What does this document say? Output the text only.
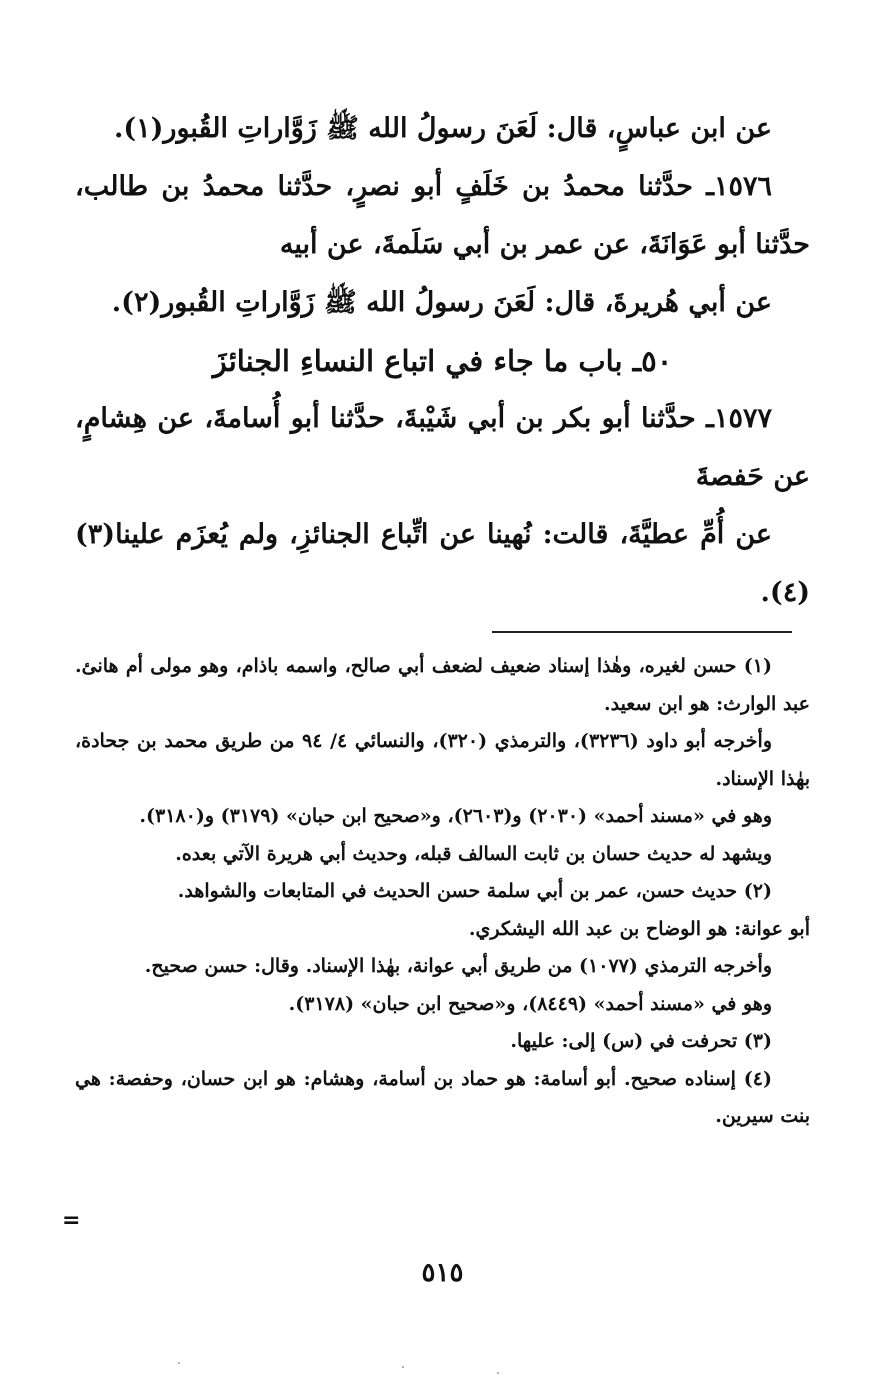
عن ابن عباسٍ، قال: لَعَنَ رسولُ الله ﷺ زَوَّاراتِ القُبور(١).

١٥٧٦ـ حدَّثنا محمدُ بن خَلَفٍ أبو نصرٍ، حدَّثنا محمدُ بن طالب، حدَّثنا أبو عَوَانَةَ، عن عمر بن أبي سَلَمةَ، عن أبيه

عن أبي هُريرةَ، قال: لَعَنَ رسولُ الله ﷺ زَوَّاراتِ القُبور(٢).

٥٠ـ باب ما جاء في اتباع النساءِ الجنائزَ

١٥٧٧ـ حدَّثنا أبو بكر بن أبي شَيْبةَ، حدَّثنا أبو أُسامةَ، عن هِشامٍ، عن حَفصةَ

عن أُمِّ عطيَّةَ، قالت: نُهينا عن اتِّباع الجنائزِ، ولم يُعزَم علينا(٣)(٤).

(١) حسن لغيره، وهٰذا إسناد ضعيف لضعف أبي صالح، واسمه باذام، وهو مولى أم هانئ. عبد الوارث: هو ابن سعيد.

وأخرجه أبو داود (٣٢٣٦)، والترمذي (٣٢٠)، والنسائي ٤/ ٩٤ من طريق محمد بن جحادة، بهٰذا الإسناد.

وهو في «مسند أحمد» (٢٠٣٠) و(٢٦٠٣)، و«صحيح ابن حبان» (٣١٧٩) و(٣١٨٠).

ويشهد له حديث حسان بن ثابت السالف قبله، وحديث أبي هريرة الآتي بعده.

(٢) حديث حسن، عمر بن أبي سلمة حسن الحديث في المتابعات والشواهد.

أبو عوانة: هو الوضاح بن عبد الله اليشكري.

وأخرجه الترمذي (١٠٧٧) من طريق أبي عوانة، بهٰذا الإسناد. وقال: حسن صحيح.

وهو في «مسند أحمد» (٨٤٤٩)، و«صحيح ابن حبان» (٣١٧٨).

(٣) تحرفت في (س) إلى: عليها.

(٤) إسناده صحيح. أبو أسامة: هو حماد بن أسامة، وهشام: هو ابن حسان، وحفصة: هي بنت سيرين.

=
٥١٥
